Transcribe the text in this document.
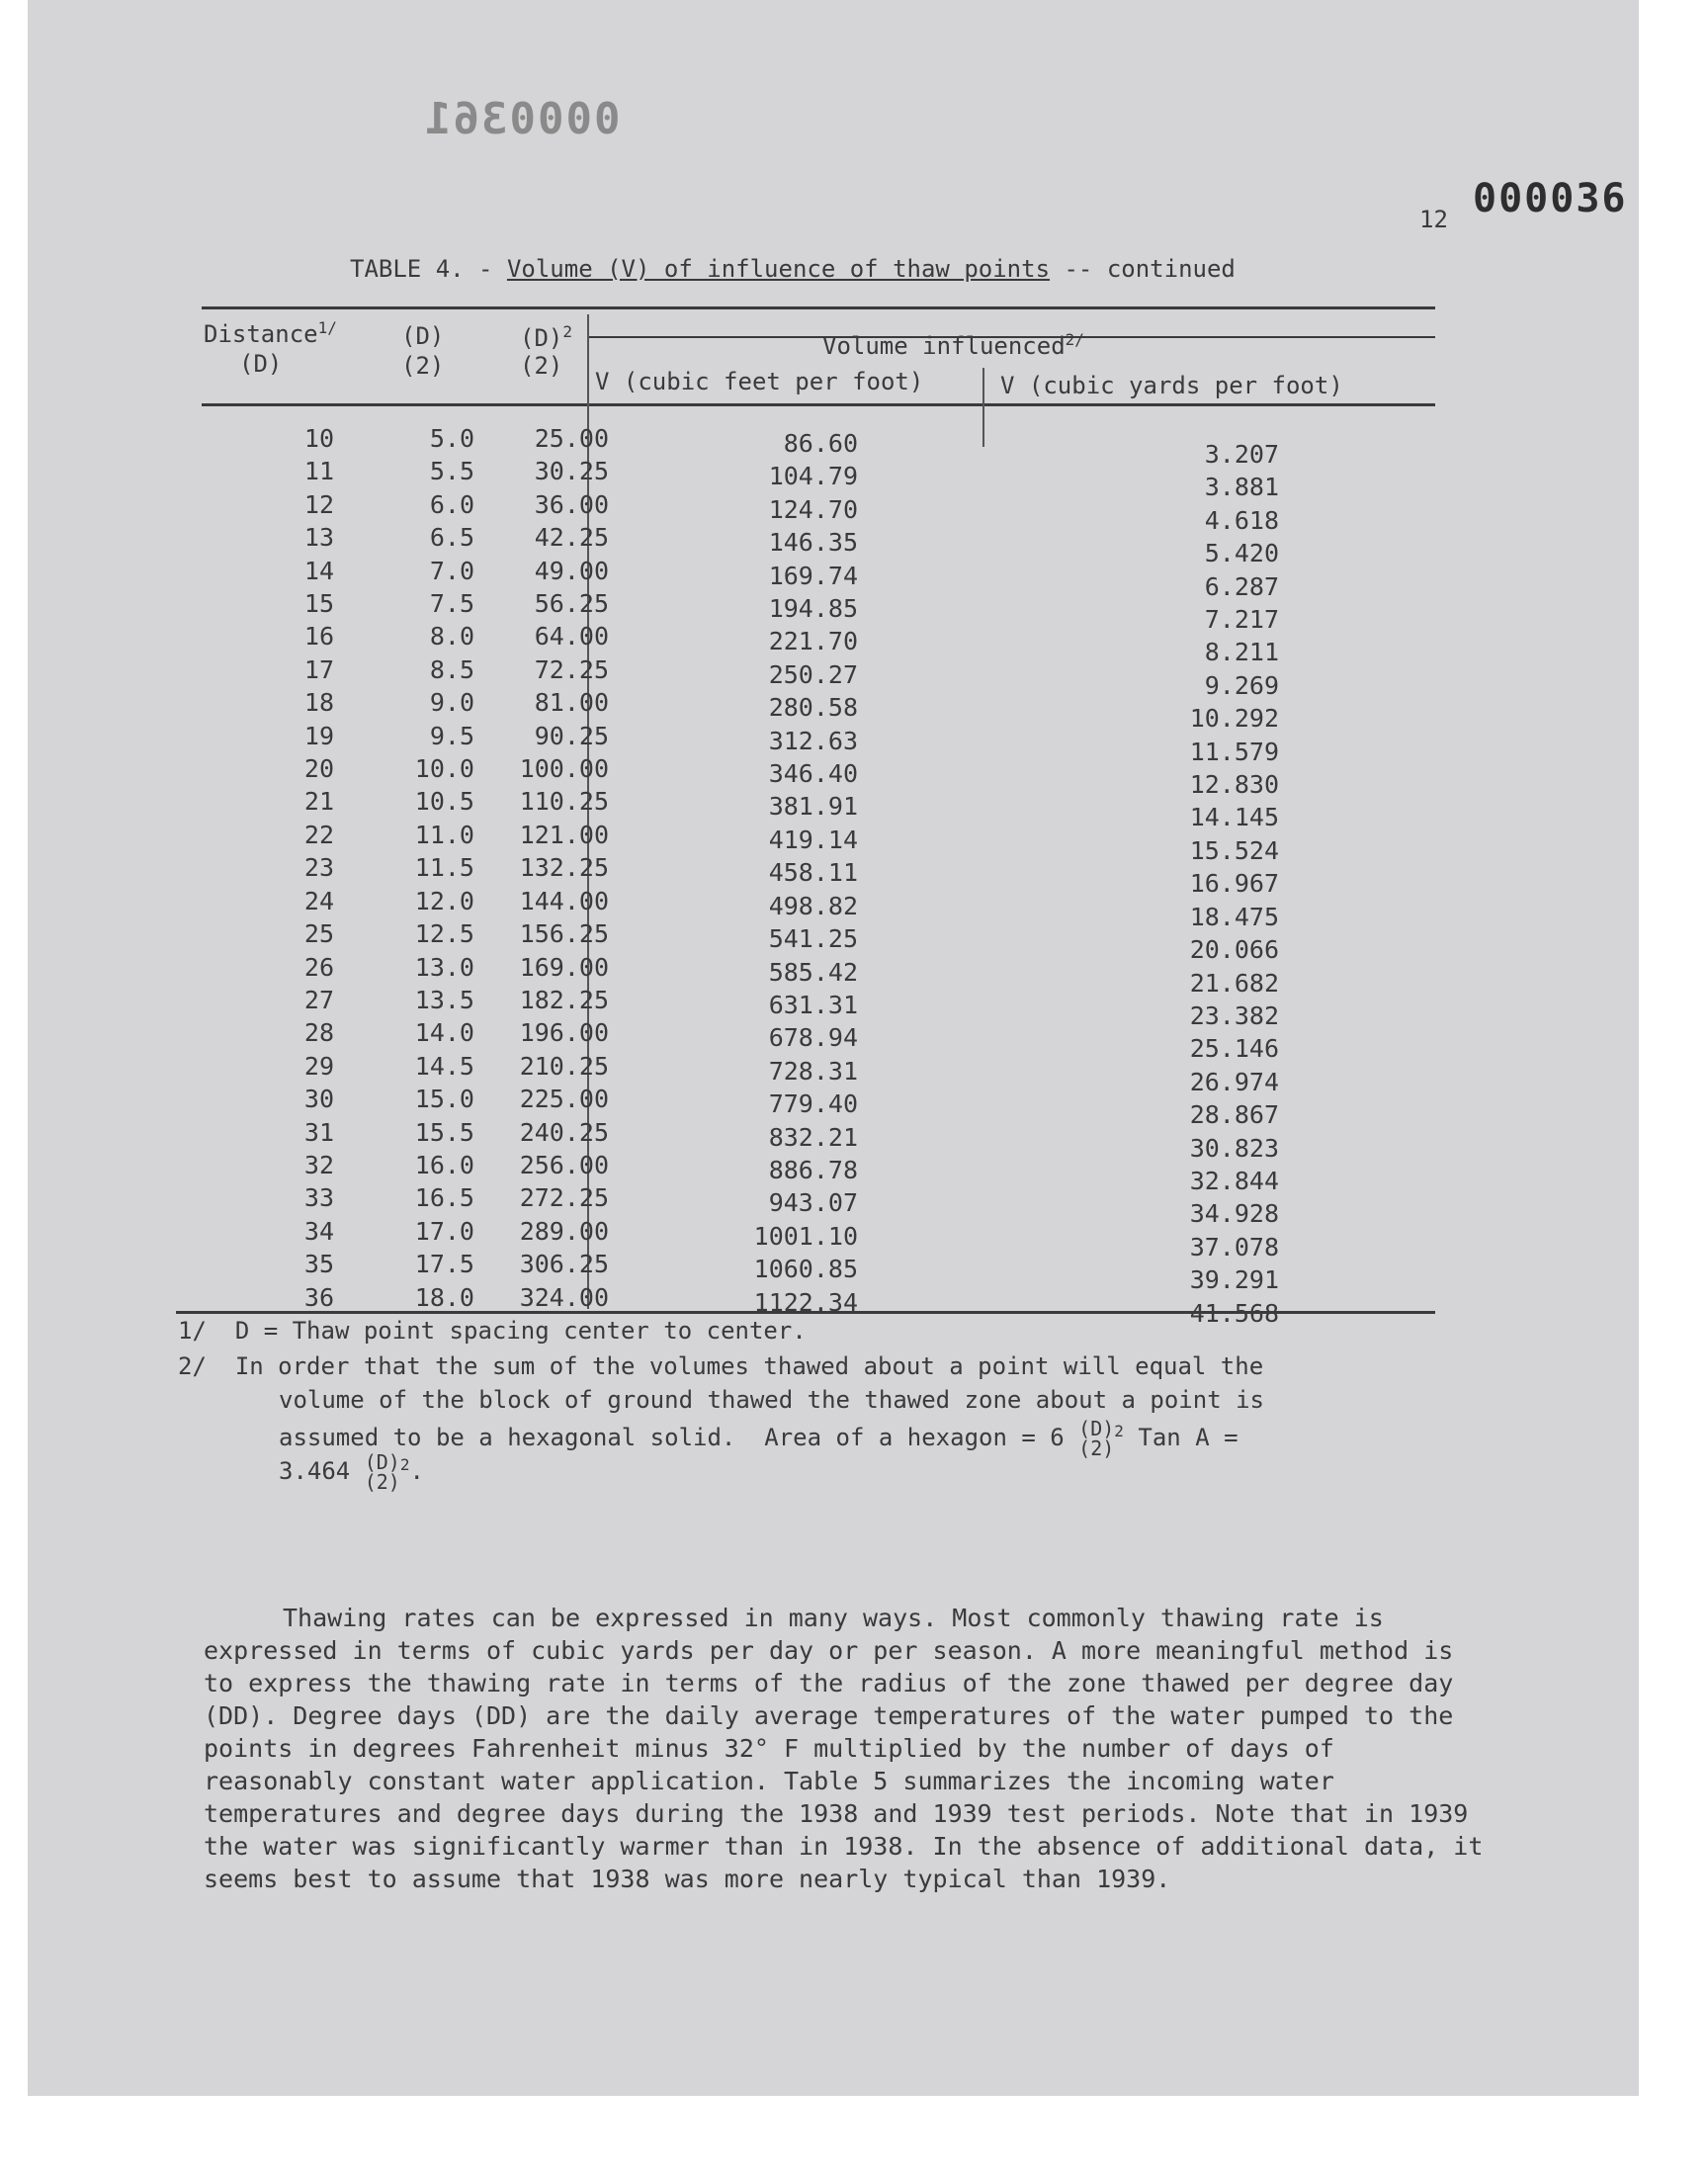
0000361
12 000036
TABLE 4. - Volume (V) of influence of thaw points -- continued
Distance$^{1/}$
(D)
(D)
(2)
$(D)^2$
(2)
Volume influenced$^{2/}$
V (cubic feet per foot)	V (cubic yards per foot)
10
11
12
13
14
15
16
17
18
19
20
21
22
23
24
25
26
27
28
29
30
31
32
33
34
35
36
5.0
5.5
6.0
6.5
7.0
7.5
8.0
8.5
9.0
9.5
10.0
10.5
11.0
11.5
12.0
12.5
13.0
13.5
14.0
14.5
15.0
15.5
16.0
16.5
17.0
17.5
18.0
25.00
30.25
36.00
42.25
49.00
56.25
64.00
72.25
81.00
90.25
100.00
110.25
121.00
132.25
144.00
156.25
169.00
182.25
196.00
210.25
225.00
240.25
256.00
272.25
289.00
306.25
324.00
86.60
104.79
124.70
146.35
169.74
194.85
221.70
250.27
280.58
312.63
346.40
381.91
419.14
458.11
498.82
541.25
585.42
631.31
678.94
728.31
779.40
832.21
886.78
943.07
1001.10
1060.85
1122.34
3.207
3.881
4.618
5.420
6.287
7.217
8.211
9.269
10.292
11.579
12.830
14.145
15.524
16.967
18.475
20.066
21.682
23.382
25.146
26.974
28.867
30.823
32.844
34.928
37.078
39.291
41.568
1/ D = Thaw point spacing center to center.
2/ In order that the sum of the volumes thawed about a point will equal the
volume of the block of ground thawed the thawed zone about a point is
assumed to be a hexagonal solid.  Area of a hexagon = 6 (D)
$(2)^2$ Tan A =
3.464 (D)
$(2)^2$.

Thawing rates can be expressed in many ways. Most commonly thawing rate is expressed in terms of cubic yards per day or per season. A more meaningful method is to express the thawing rate in terms of the radius of the zone thawed per degree day (DD). Degree days (DD) are the daily average temperatures of the water pumped to the points in degrees Fahrenheit minus 32° F multiplied by the number of days of reasonably constant water application. Table 5 summarizes the incoming water temperatures and degree days during the 1938 and 1939 test periods. Note that in 1939 the water was significantly warmer than in 1938. In the absence of additional data, it seems best to assume that 1938 was more nearly typical than 1939.
